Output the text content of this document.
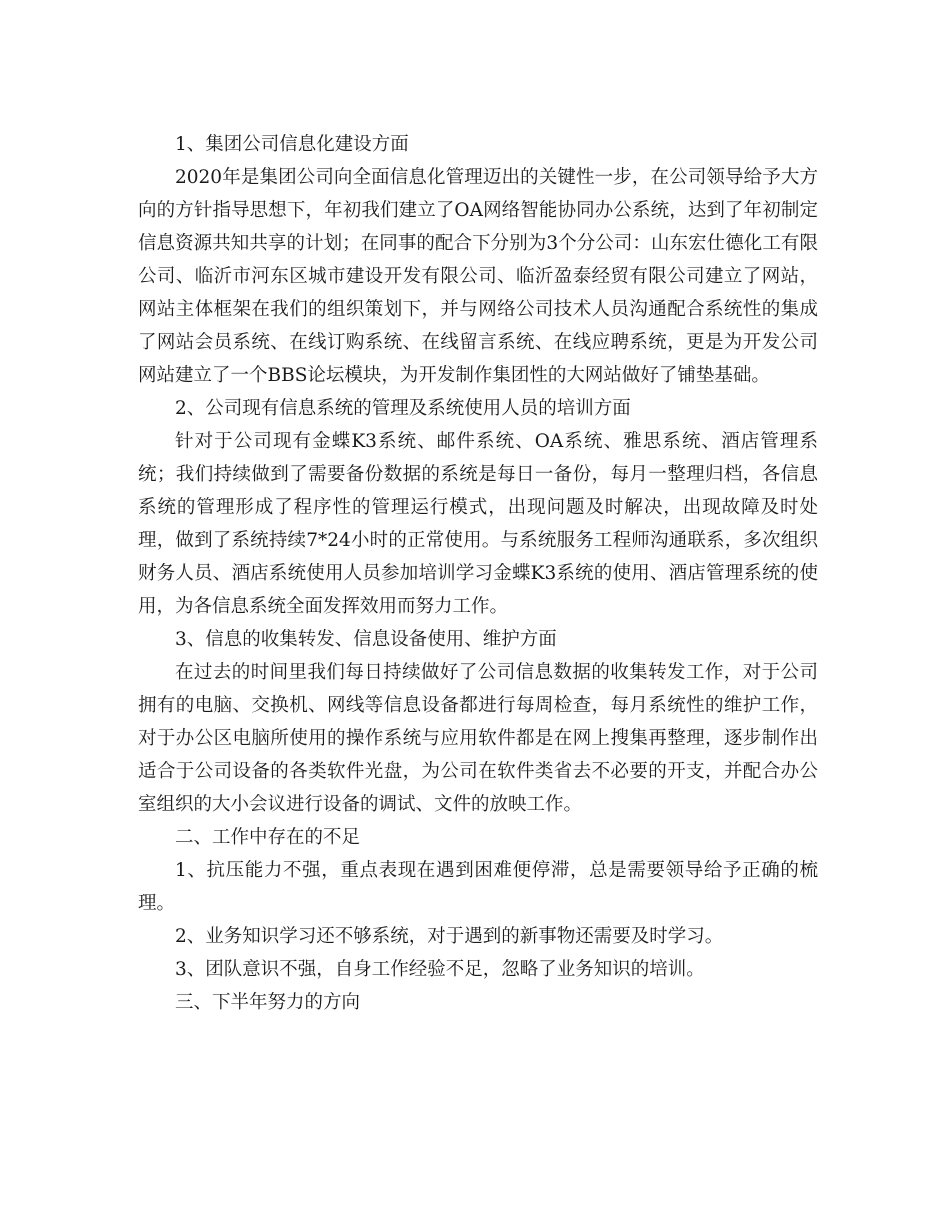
1、集团公司信息化建设方面

2020年是集团公司向全面信息化管理迈出的关键性一步，在公司领导给予大方向的方针指导思想下，年初我们建立了OA网络智能协同办公系统，达到了年初制定信息资源共知共享的计划；在同事的配合下分别为3个分公司：山东宏仕德化工有限公司、临沂市河东区城市建设开发有限公司、临沂盈泰经贸有限公司建立了网站，网站主体框架在我们的组织策划下，并与网络公司技术人员沟通配合系统性的集成了网站会员系统、在线订购系统、在线留言系统、在线应聘系统，更是为开发公司网站建立了一个BBS论坛模块，为开发制作集团性的大网站做好了铺垫基础。

2、公司现有信息系统的管理及系统使用人员的培训方面

针对于公司现有金蝶K3系统、邮件系统、OA系统、雅思系统、酒店管理系统；我们持续做到了需要备份数据的系统是每日一备份，每月一整理归档，各信息系统的管理形成了程序性的管理运行模式，出现问题及时解决，出现故障及时处理，做到了系统持续7*24小时的正常使用。与系统服务工程师沟通联系，多次组织财务人员、酒店系统使用人员参加培训学习金蝶K3系统的使用、酒店管理系统的使用，为各信息系统全面发挥效用而努力工作。

3、信息的收集转发、信息设备使用、维护方面

在过去的时间里我们每日持续做好了公司信息数据的收集转发工作，对于公司拥有的电脑、交换机、网线等信息设备都进行每周检查，每月系统性的维护工作，对于办公区电脑所使用的操作系统与应用软件都是在网上搜集再整理，逐步制作出适合于公司设备的各类软件光盘，为公司在软件类省去不必要的开支，并配合办公室组织的大小会议进行设备的调试、文件的放映工作。

二、工作中存在的不足

1、抗压能力不强，重点表现在遇到困难便停滞，总是需要领导给予正确的梳理。

2、业务知识学习还不够系统，对于遇到的新事物还需要及时学习。

3、团队意识不强，自身工作经验不足，忽略了业务知识的培训。

三、下半年努力的方向
